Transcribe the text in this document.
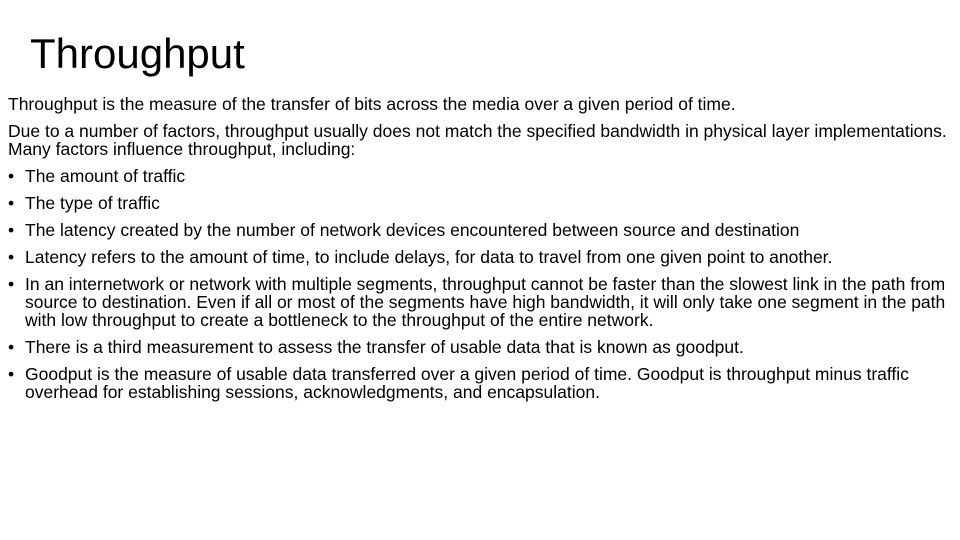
Throughput

Throughput is the measure of the transfer of bits across the media over a given period of time.

Due to a number of factors, throughput usually does not match the specified bandwidth in physical layer implementations. Many factors influence throughput, including:

• The amount of traffic
• The type of traffic
• The latency created by the number of network devices encountered between source and destination
• Latency refers to the amount of time, to include delays, for data to travel from one given point to another.
• In an internetwork or network with multiple segments, throughput cannot be faster than the slowest link in the path from source to destination. Even if all or most of the segments have high bandwidth, it will only take one segment in the path with low throughput to create a bottleneck to the throughput of the entire network.
• There is a third measurement to assess the transfer of usable data that is known as goodput.
• Goodput is the measure of usable data transferred over a given period of time. Goodput is throughput minus traffic overhead for establishing sessions, acknowledgments, and encapsulation.
